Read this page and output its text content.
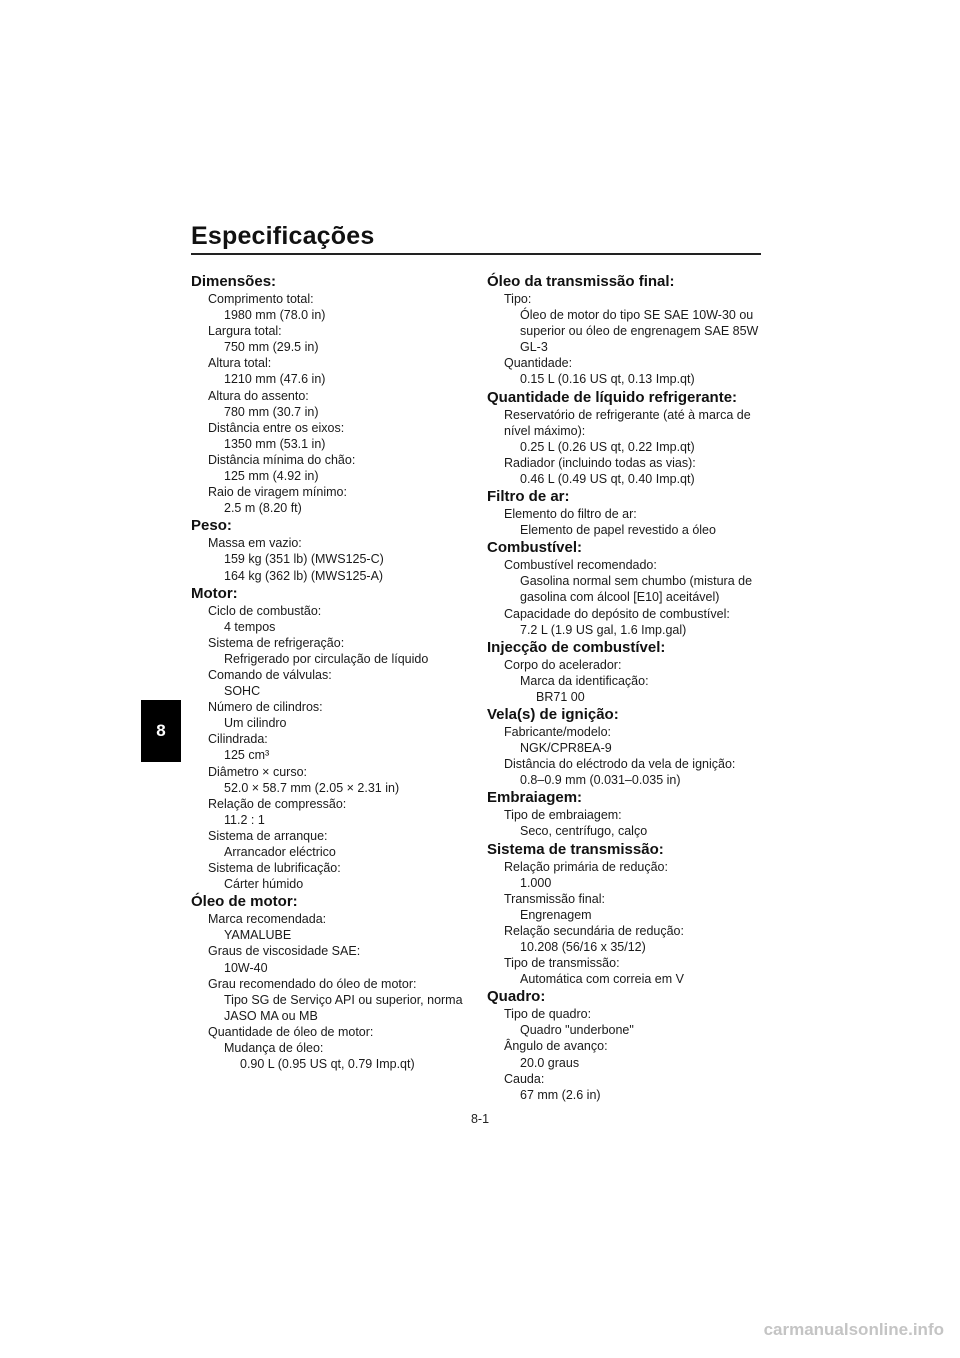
Especificações
8
Dimensões:
Comprimento total:
1980 mm (78.0 in)
Largura total:
750 mm (29.5 in)
Altura total:
1210 mm (47.6 in)
Altura do assento:
780 mm (30.7 in)
Distância entre os eixos:
1350 mm (53.1 in)
Distância mínima do chão:
125 mm (4.92 in)
Raio de viragem mínimo:
2.5 m (8.20 ft)
Peso:
Massa em vazio:
159 kg (351 lb) (MWS125-C)
164 kg (362 lb) (MWS125-A)
Motor:
Ciclo de combustão:
4 tempos
Sistema de refrigeração:
Refrigerado por circulação de líquido
Comando de válvulas:
SOHC
Número de cilindros:
Um cilindro
Cilindrada:
125 cm³
Diâmetro × curso:
52.0 × 58.7 mm (2.05 × 2.31 in)
Relação de compressão:
11.2 : 1
Sistema de arranque:
Arrancador eléctrico
Sistema de lubrificação:
Cárter húmido
Óleo de motor:
Marca recomendada:
YAMALUBE
Graus de viscosidade SAE:
10W-40
Grau recomendado do óleo de motor:
Tipo SG de Serviço API ou superior, norma
JASO MA ou MB
Quantidade de óleo de motor:
Mudança de óleo:
0.90 L (0.95 US qt, 0.79 Imp.qt)
Óleo da transmissão final:
Tipo:
Óleo de motor do tipo SE SAE 10W-30 ou
superior ou óleo de engrenagem SAE 85W
GL-3
Quantidade:
0.15 L (0.16 US qt, 0.13 Imp.qt)
Quantidade de líquido refrigerante:
Reservatório de refrigerante (até à marca de
nível máximo):
0.25 L (0.26 US qt, 0.22 Imp.qt)
Radiador (incluindo todas as vias):
0.46 L (0.49 US qt, 0.40 Imp.qt)
Filtro de ar:
Elemento do filtro de ar:
Elemento de papel revestido a óleo
Combustível:
Combustível recomendado:
Gasolina normal sem chumbo (mistura de
gasolina com álcool [E10] aceitável)
Capacidade do depósito de combustível:
7.2 L (1.9 US gal, 1.6 Imp.gal)
Injecção de combustível:
Corpo do acelerador:
Marca da identificação:
BR71 00
Vela(s) de ignição:
Fabricante/modelo:
NGK/CPR8EA-9
Distância do eléctrodo da vela de ignição:
0.8–0.9 mm (0.031–0.035 in)
Embraiagem:
Tipo de embraiagem:
Seco, centrífugo, calço
Sistema de transmissão:
Relação primária de redução:
1.000
Transmissão final:
Engrenagem
Relação secundária de redução:
10.208 (56/16 x 35/12)
Tipo de transmissão:
Automática com correia em V
Quadro:
Tipo de quadro:
Quadro "underbone"
Ângulo de avanço:
20.0 graus
Cauda:
67 mm (2.6 in)
8-1
carmanualsonline.info
